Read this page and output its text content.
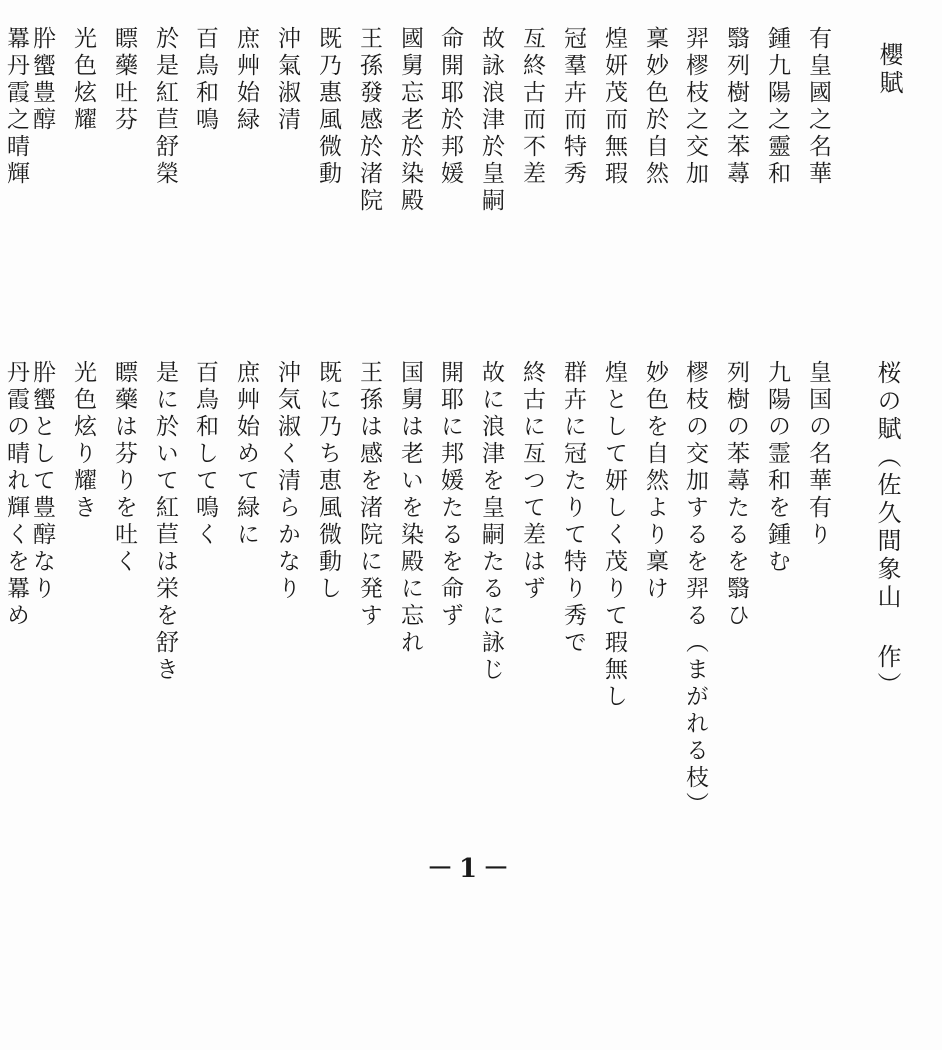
櫻賦
有皇國之名華
鍾九陽之靈和
翳列樹之苯蕁
羿樛枝之交加
稟妙色於自然
煌妍茂而無瑕
冠羣卉而特秀
亙終古而不差
故詠浪津於皇嗣
命開耶於邦媛
國舅忘老於染殿
王孫發感於渚院
既乃惠風微動
沖氣淑清
庶艸始緑
百鳥和鳴
於是紅苣舒榮
瞟藥吐芬
光色炫耀
肸蠁豊醇
羃丹霞之晴輝
桜の賦（佐久間象山 作）
皇国の名華有り
九陽の霊和を鍾む
列樹の苯蕁たるを翳ひ
樛枝の交加するを羿る（まがれる枝）
妙色を自然より稟け
煌として妍しく茂りて瑕無し
群卉に冠たりて特り秀で
終古に亙つて差はず
故に浪津を皇嗣たるに詠じ
開耶に邦媛たるを命ず
国舅は老いを染殿に忘れ
王孫は感を渚院に発す
既に乃ち恵風微動し
沖気淑く清らかなり
庶艸始めて緑に
百鳥和して鳴く
是に於いて紅苣は栄を舒き
瞟藥は芬りを吐く
光色炫り耀き
肸蠁として豊醇なり
丹霞の晴れ輝くを羃め
－1－
